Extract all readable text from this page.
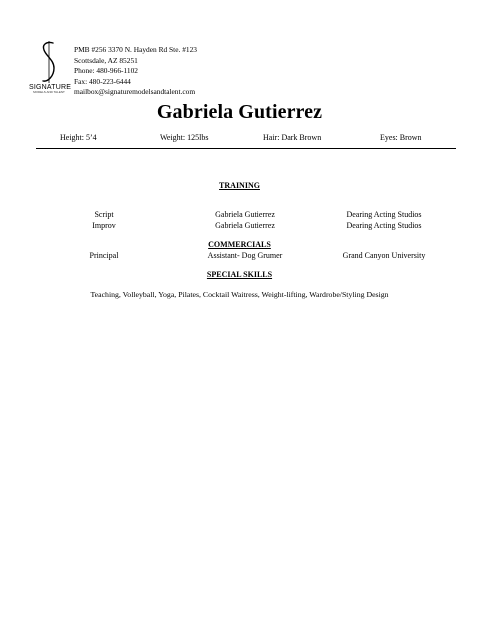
SIGNATURE
MODELS AND TALENT
PMB #256 3370 N. Hayden Rd Ste. #123
Scottsdale, AZ 85251
Phone: 480-966-1102
Fax: 480-223-6444
mailbox@signaturemodelsandtalent.com
Gabriela Gutierrez
Height: 5’4	Weight: 125lbs	Hair: Dark Brown	Eyes: Brown
TRAINING
Script	Gabriela Gutierrez	Dearing Acting Studios
Improv	Gabriela Gutierrez	Dearing Acting Studios
COMMERCIALS
Principal	Assistant- Dog Grumer	Grand Canyon University
SPECIAL SKILLS
Teaching, Volleyball, Yoga, Pilates, Cocktail Waitress, Weight-lifting, Wardrobe/Styling Design
